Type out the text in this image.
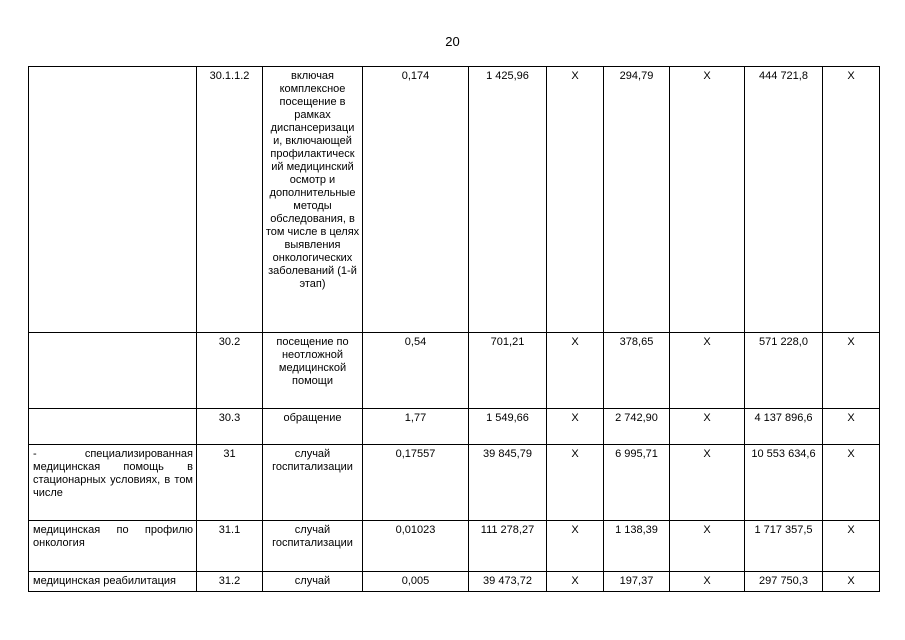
20
	30.1.1.2	включая комплексное посещение в рамках диспансеризаци и, включающей профилактическ ий медицинский осмотр и дополнительные методы обследования, в том числе в целях выявления онкологических заболеваний (1-й этап)	0,174	1 425,96	X	294,79	X	444 721,8	X
	30.2	посещение по неотложной медицинской помощи	0,54	701,21	X	378,65	X	571 228,0	X
	30.3	обращение	1,77	1 549,66	X	2 742,90	X	4 137 896,6	X
- специализированная медицинская помощь в стационарных условиях, в том числе	31	случай госпитализации	0,17557	39 845,79	X	6 995,71	X	10 553 634,6	X
медицинская по профилю онкология	31.1	случай госпитализации	0,01023	111 278,27	X	1 138,39	X	1 717 357,5	X
медицинская реабилитация	31.2	случай	0,005	39 473,72	X	197,37	X	297 750,3	X
